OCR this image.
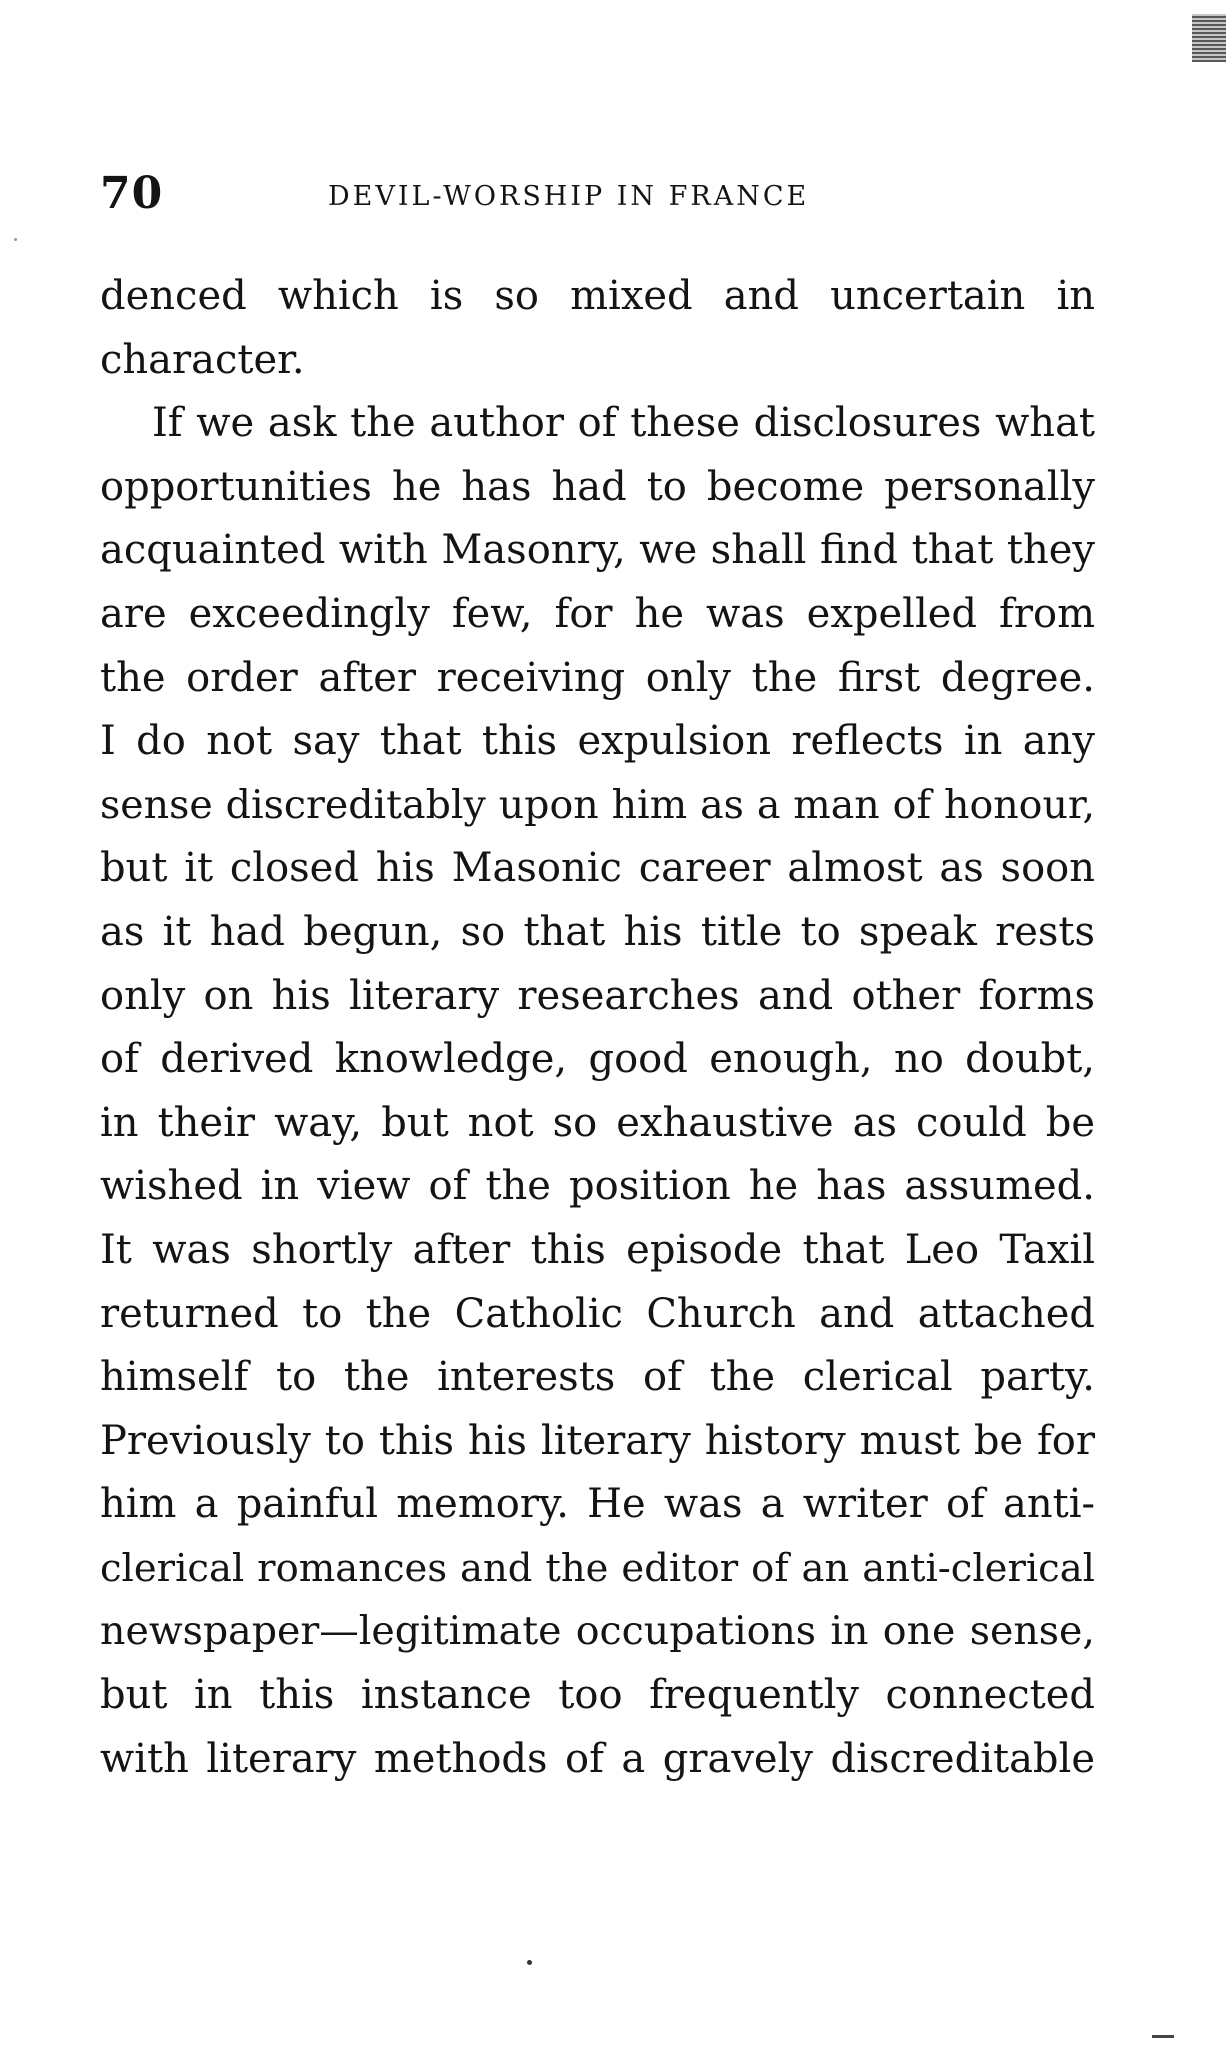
70	DEVIL-WORSHIP IN FRANCE
denced which is so mixed and uncertain in
character.
If we ask the author of these disclosures what
opportunities he has had to become personally
acquainted with Masonry, we shall find that they
are exceedingly few, for he was expelled from
the order after receiving only the first degree.
I do not say that this expulsion reflects in any
sense discreditably upon him as a man of honour,
but it closed his Masonic career almost as soon
as it had begun, so that his title to speak rests
only on his literary researches and other forms
of derived knowledge, good enough, no doubt,
in their way, but not so exhaustive as could be
wished in view of the position he has assumed.
It was shortly after this episode that Leo Taxil
returned to the Catholic Church and attached
himself to the interests of the clerical party.
Previously to this his literary history must be for
him a painful memory. He was a writer of anti-
clerical romances and the editor of an anti-clerical
newspaper—legitimate occupations in one sense,
but in this instance too frequently connected
with literary methods of a gravely discreditable
